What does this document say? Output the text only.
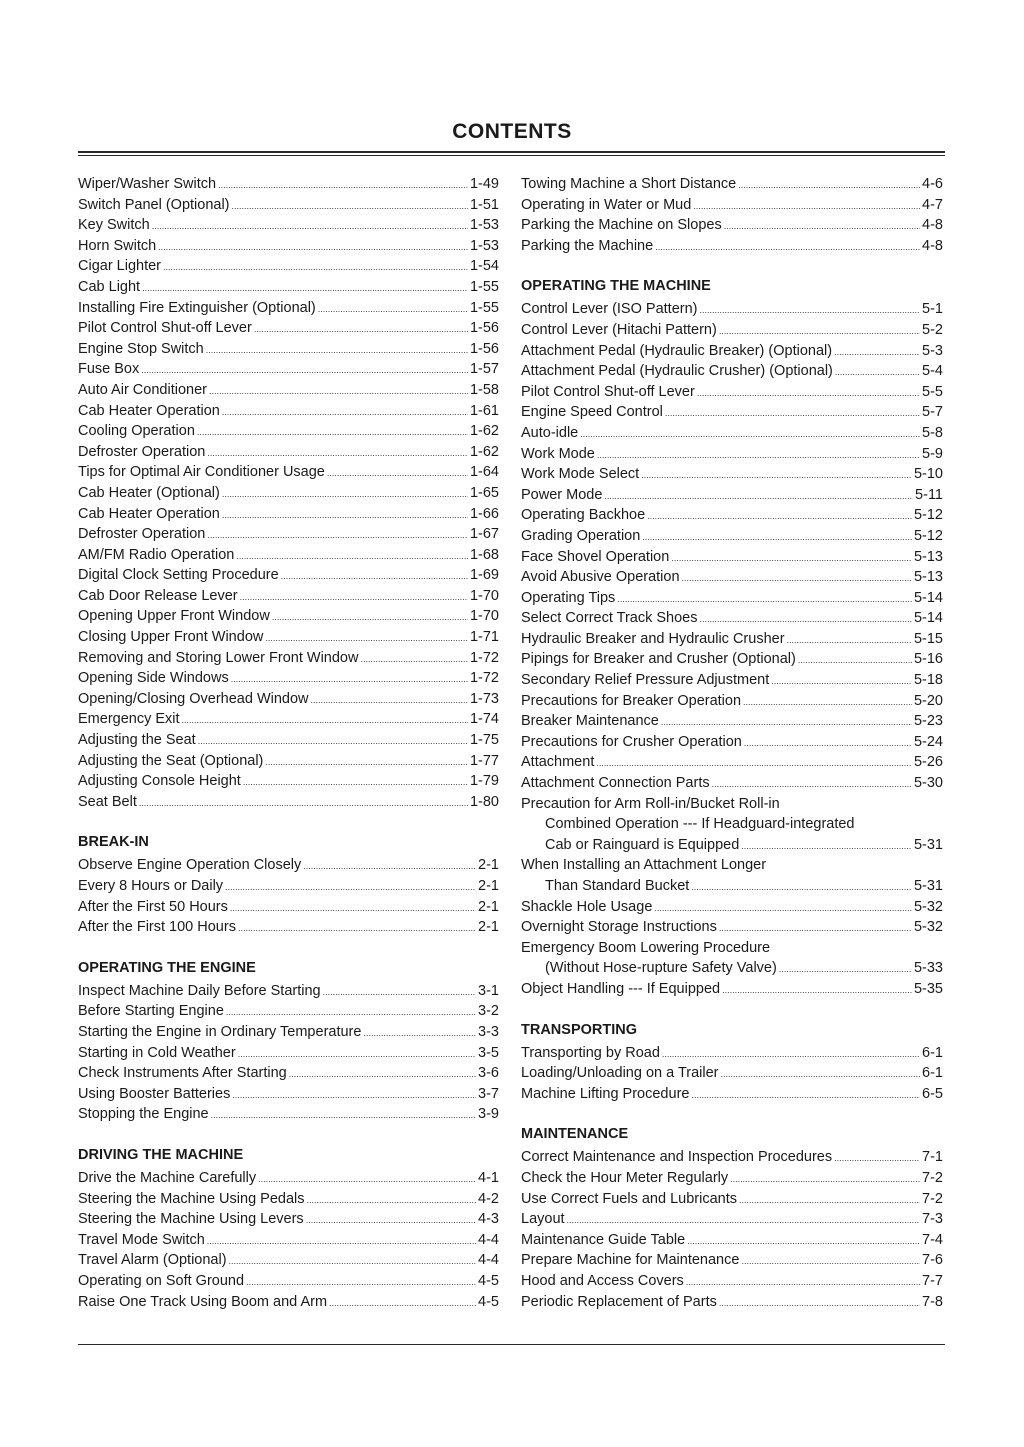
CONTENTS
Wiper/Washer Switch .....	1-49
Switch Panel (Optional) .....	1-51
Key Switch .....	1-53
Horn Switch .....	1-53
Cigar Lighter .....	1-54
Cab Light .....	1-55
Installing Fire Extinguisher (Optional) .....	1-55
Pilot Control Shut-off Lever .....	1-56
Engine Stop Switch .....	1-56
Fuse Box .....	1-57
Auto Air Conditioner .....	1-58
Cab Heater Operation .....	1-61
Cooling Operation .....	1-62
Defroster Operation .....	1-62
Tips for Optimal Air Conditioner Usage .....	1-64
Cab Heater (Optional) .....	1-65
Cab Heater Operation .....	1-66
Defroster Operation .....	1-67
AM/FM Radio Operation .....	1-68
Digital Clock Setting Procedure .....	1-69
Cab Door Release Lever .....	1-70
Opening Upper Front Window .....	1-70
Closing Upper Front Window .....	1-71
Removing and Storing Lower Front Window .....	1-72
Opening Side Windows .....	1-72
Opening/Closing Overhead Window .....	1-73
Emergency Exit .....	1-74
Adjusting the Seat .....	1-75
Adjusting the Seat (Optional) .....	1-77
Adjusting Console Height .....	1-79
Seat Belt .....	1-80
BREAK-IN
Observe Engine Operation Closely .....	2-1
Every 8 Hours or Daily .....	2-1
After the First 50 Hours .....	2-1
After the First 100 Hours .....	2-1
OPERATING THE ENGINE
Inspect Machine Daily Before Starting .....	3-1
Before Starting Engine .....	3-2
Starting the Engine in Ordinary Temperature .....	3-3
Starting in Cold Weather .....	3-5
Check Instruments After Starting .....	3-6
Using Booster Batteries .....	3-7
Stopping the Engine .....	3-9
DRIVING THE MACHINE
Drive the Machine Carefully .....	4-1
Steering the Machine Using Pedals .....	4-2
Steering the Machine Using Levers .....	4-3
Travel Mode Switch .....	4-4
Travel Alarm (Optional) .....	4-4
Operating on Soft Ground .....	4-5
Raise One Track Using Boom and Arm .....	4-5
Towing Machine a Short Distance .....	4-6
Operating in Water or Mud .....	4-7
Parking the Machine on Slopes .....	4-8
Parking the Machine .....	4-8
OPERATING THE MACHINE
Control Lever (ISO Pattern) .....	5-1
Control Lever (Hitachi Pattern) .....	5-2
Attachment Pedal (Hydraulic Breaker) (Optional) .....	5-3
Attachment Pedal (Hydraulic Crusher) (Optional) .....	5-4
Pilot Control Shut-off Lever .....	5-5
Engine Speed Control .....	5-7
Auto-idle .....	5-8
Work Mode .....	5-9
Work Mode Select .....	5-10
Power Mode .....	5-11
Operating Backhoe .....	5-12
Grading Operation .....	5-12
Face Shovel Operation .....	5-13
Avoid Abusive Operation .....	5-13
Operating Tips .....	5-14
Select Correct Track Shoes .....	5-14
Hydraulic Breaker and Hydraulic Crusher .....	5-15
Pipings for Breaker and Crusher (Optional) .....	5-16
Secondary Relief Pressure Adjustment .....	5-18
Precautions for Breaker Operation .....	5-20
Breaker Maintenance .....	5-23
Precautions for Crusher Operation .....	5-24
Attachment .....	5-26
Attachment Connection Parts .....	5-30
Precaution for Arm Roll-in/Bucket Roll-in
Combined Operation --- If Headguard-integrated
Cab or Rainguard is Equipped .....	5-31
When Installing an Attachment Longer
Than Standard Bucket .....	5-31
Shackle Hole Usage .....	5-32
Overnight Storage Instructions .....	5-32
Emergency Boom Lowering Procedure
(Without Hose-rupture Safety Valve) .....	5-33
Object Handling --- If Equipped .....	5-35
TRANSPORTING
Transporting by Road .....	6-1
Loading/Unloading on a Trailer .....	6-1
Machine Lifting Procedure .....	6-5
MAINTENANCE
Correct Maintenance and Inspection Procedures .....	7-1
Check the Hour Meter Regularly .....	7-2
Use Correct Fuels and Lubricants .....	7-2
Layout .....	7-3
Maintenance Guide Table .....	7-4
Prepare Machine for Maintenance .....	7-6
Hood and Access Covers .....	7-7
Periodic Replacement of Parts .....	7-8
